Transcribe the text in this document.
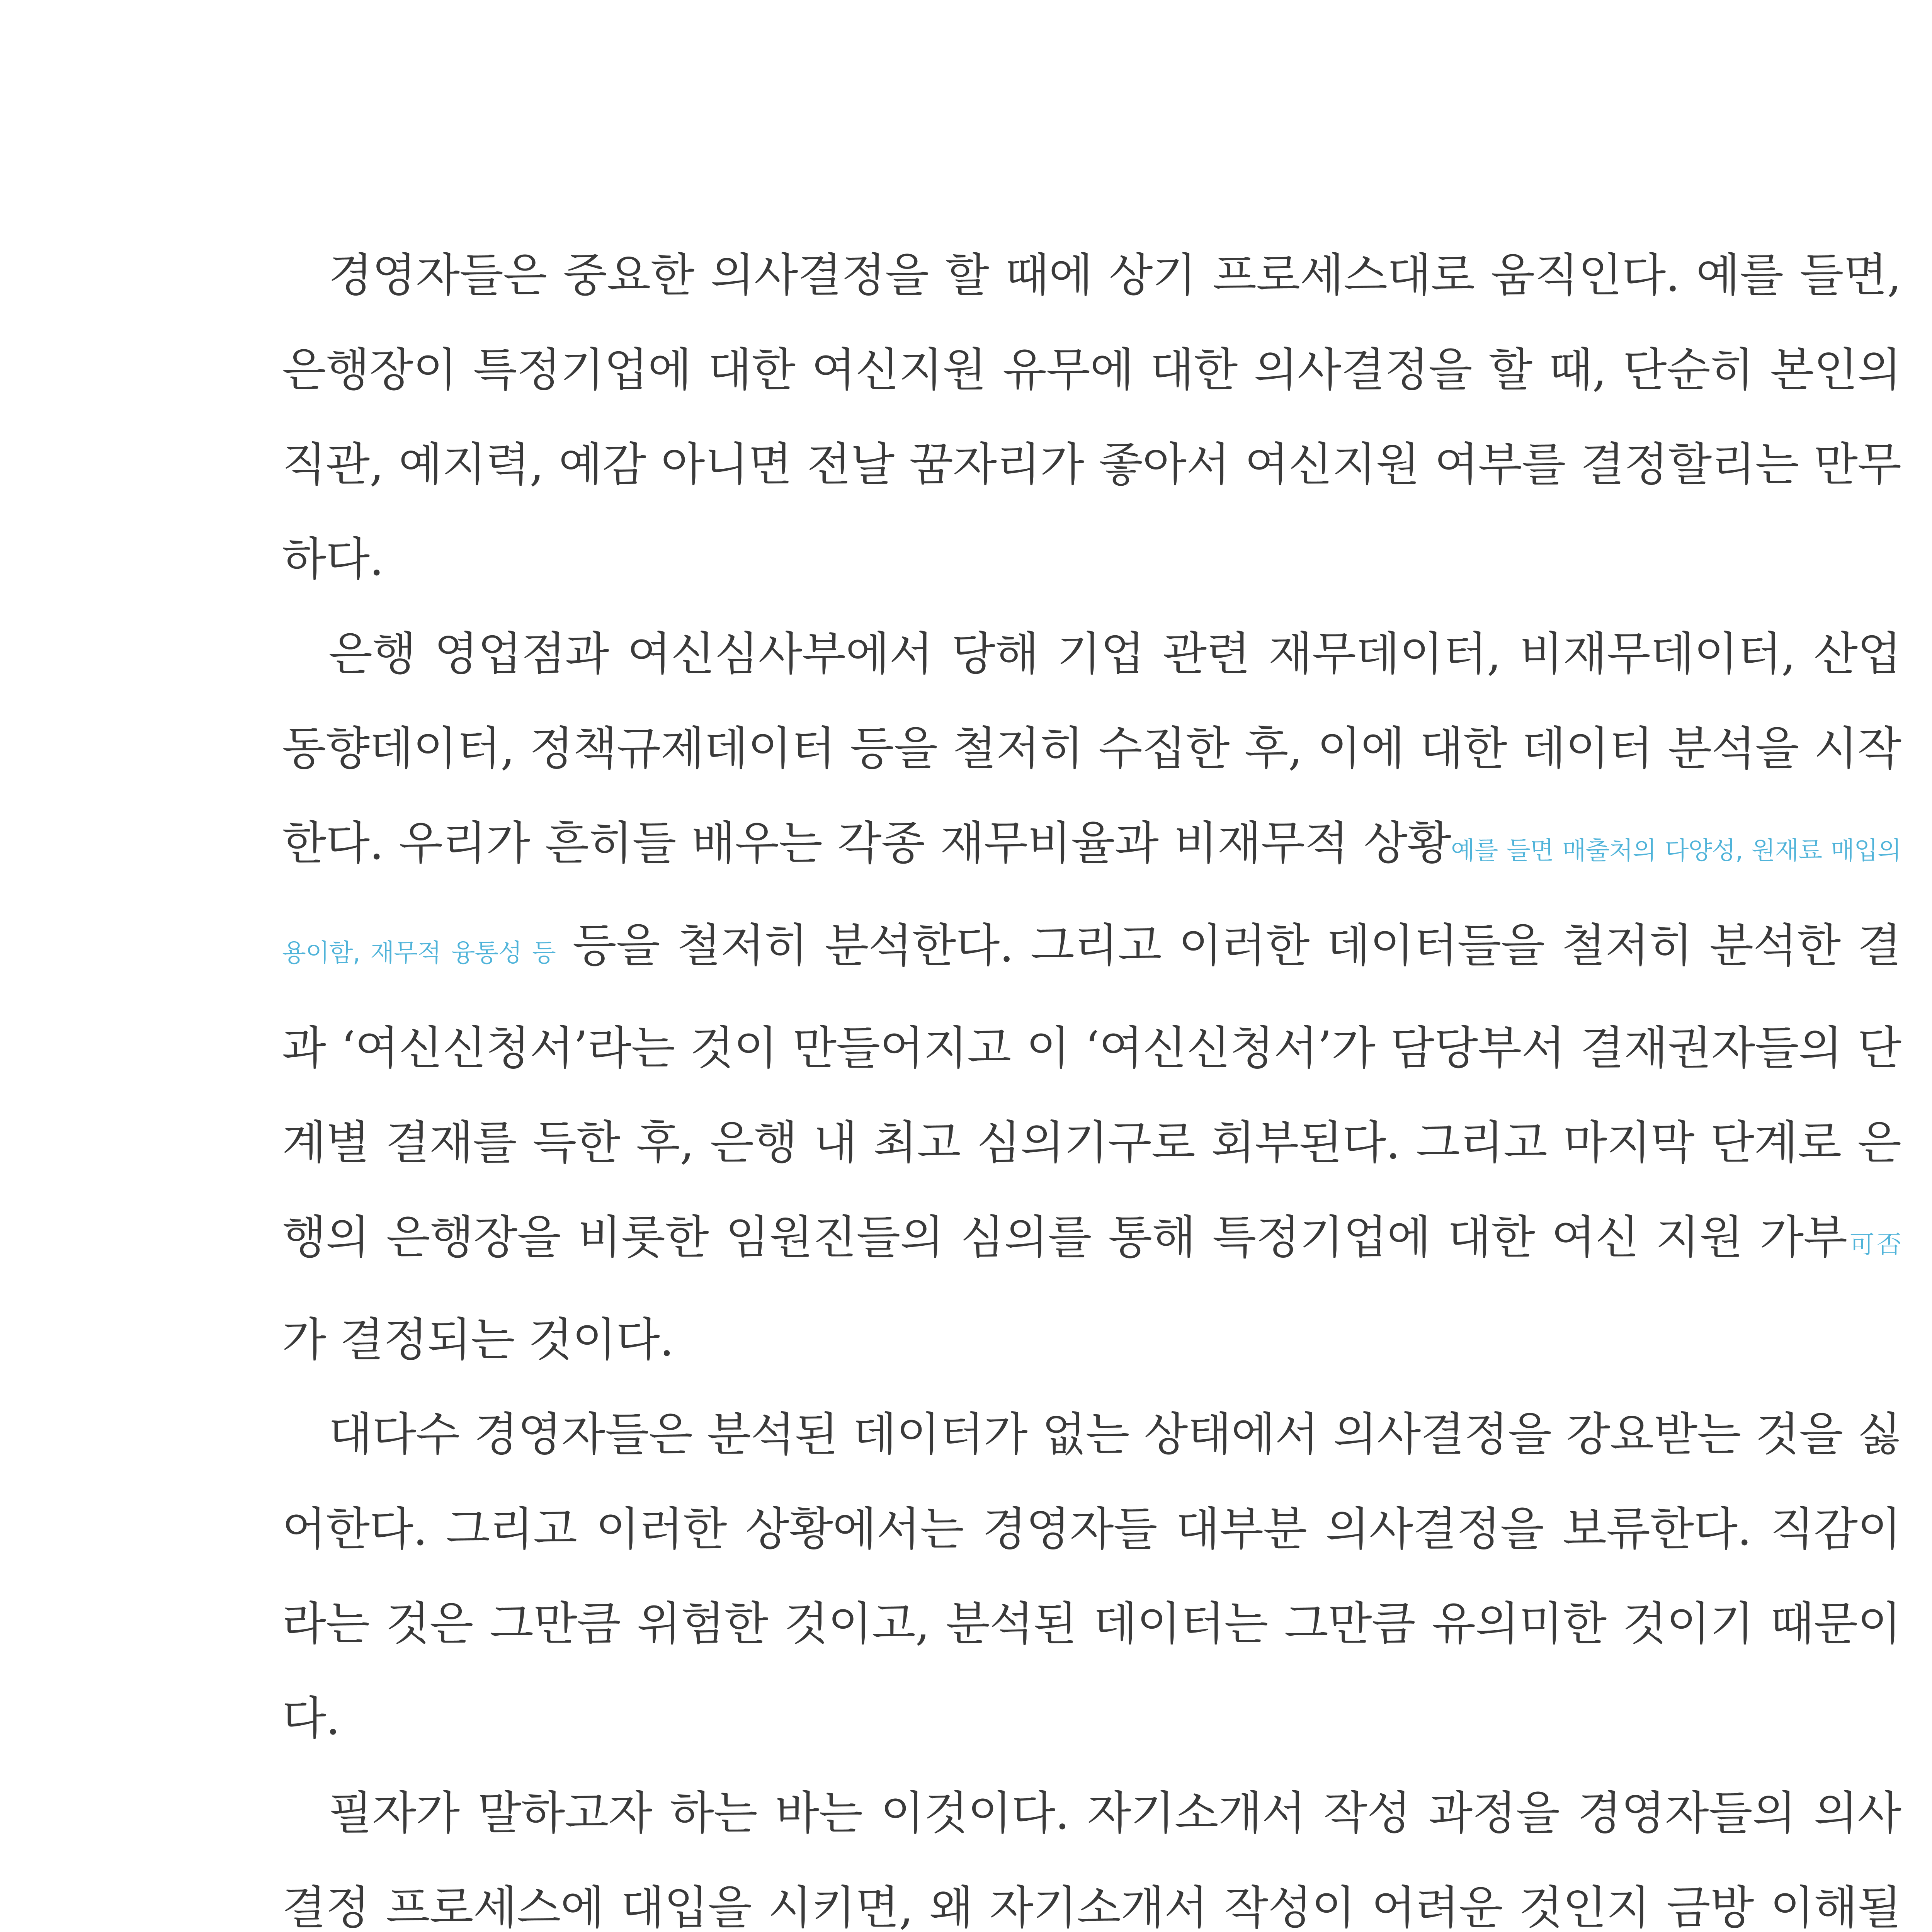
경영자들은 중요한 의사결정을 할 때에 상기 프로세스대로 움직인다. 예를 들면, 은행장이 특정기업에 대한 여신지원 유무에 대한 의사결정을 할 때, 단순히 본인의 직관, 예지력, 예감 아니면 전날 꿈자리가 좋아서 여신지원 여부를 결정할리는 만무하다.

은행 영업점과 여신심사부에서 당해 기업 관련 재무데이터, 비재무데이터, 산업동향데이터, 정책규제데이터 등을 철저히 수집한 후, 이에 대한 데이터 분석을 시작한다. 우리가 흔히들 배우는 각종 재무비율과 비재무적 상황예를 들면 매출처의 다양성, 원재료 매입의 용이함, 재무적 융통성 등 등을 철저히 분석한다. 그리고 이러한 데이터들을 철저히 분석한 결과 ‘여신신청서’라는 것이 만들어지고 이 ‘여신신청서’가 담당부서 결재권자들의 단계별 결재를 득한 후, 은행 내 최고 심의기구로 회부된다. 그리고 마지막 단계로 은행의 은행장을 비롯한 임원진들의 심의를 통해 특정기업에 대한 여신 지원 가부可否가 결정되는 것이다.

대다수 경영자들은 분석된 데이터가 없는 상태에서 의사결정을 강요받는 것을 싫어한다. 그리고 이러한 상황에서는 경영자들 대부분 의사결정을 보류한다. 직감이라는 것은 그만큼 위험한 것이고, 분석된 데이터는 그만큼 유의미한 것이기 때문이다.

필자가 말하고자 하는 바는 이것이다. 자기소개서 작성 과정을 경영자들의 의사결정 프로세스에 대입을 시키면, 왜 자기소개서 작성이 어려운 것인지 금방 이해될
